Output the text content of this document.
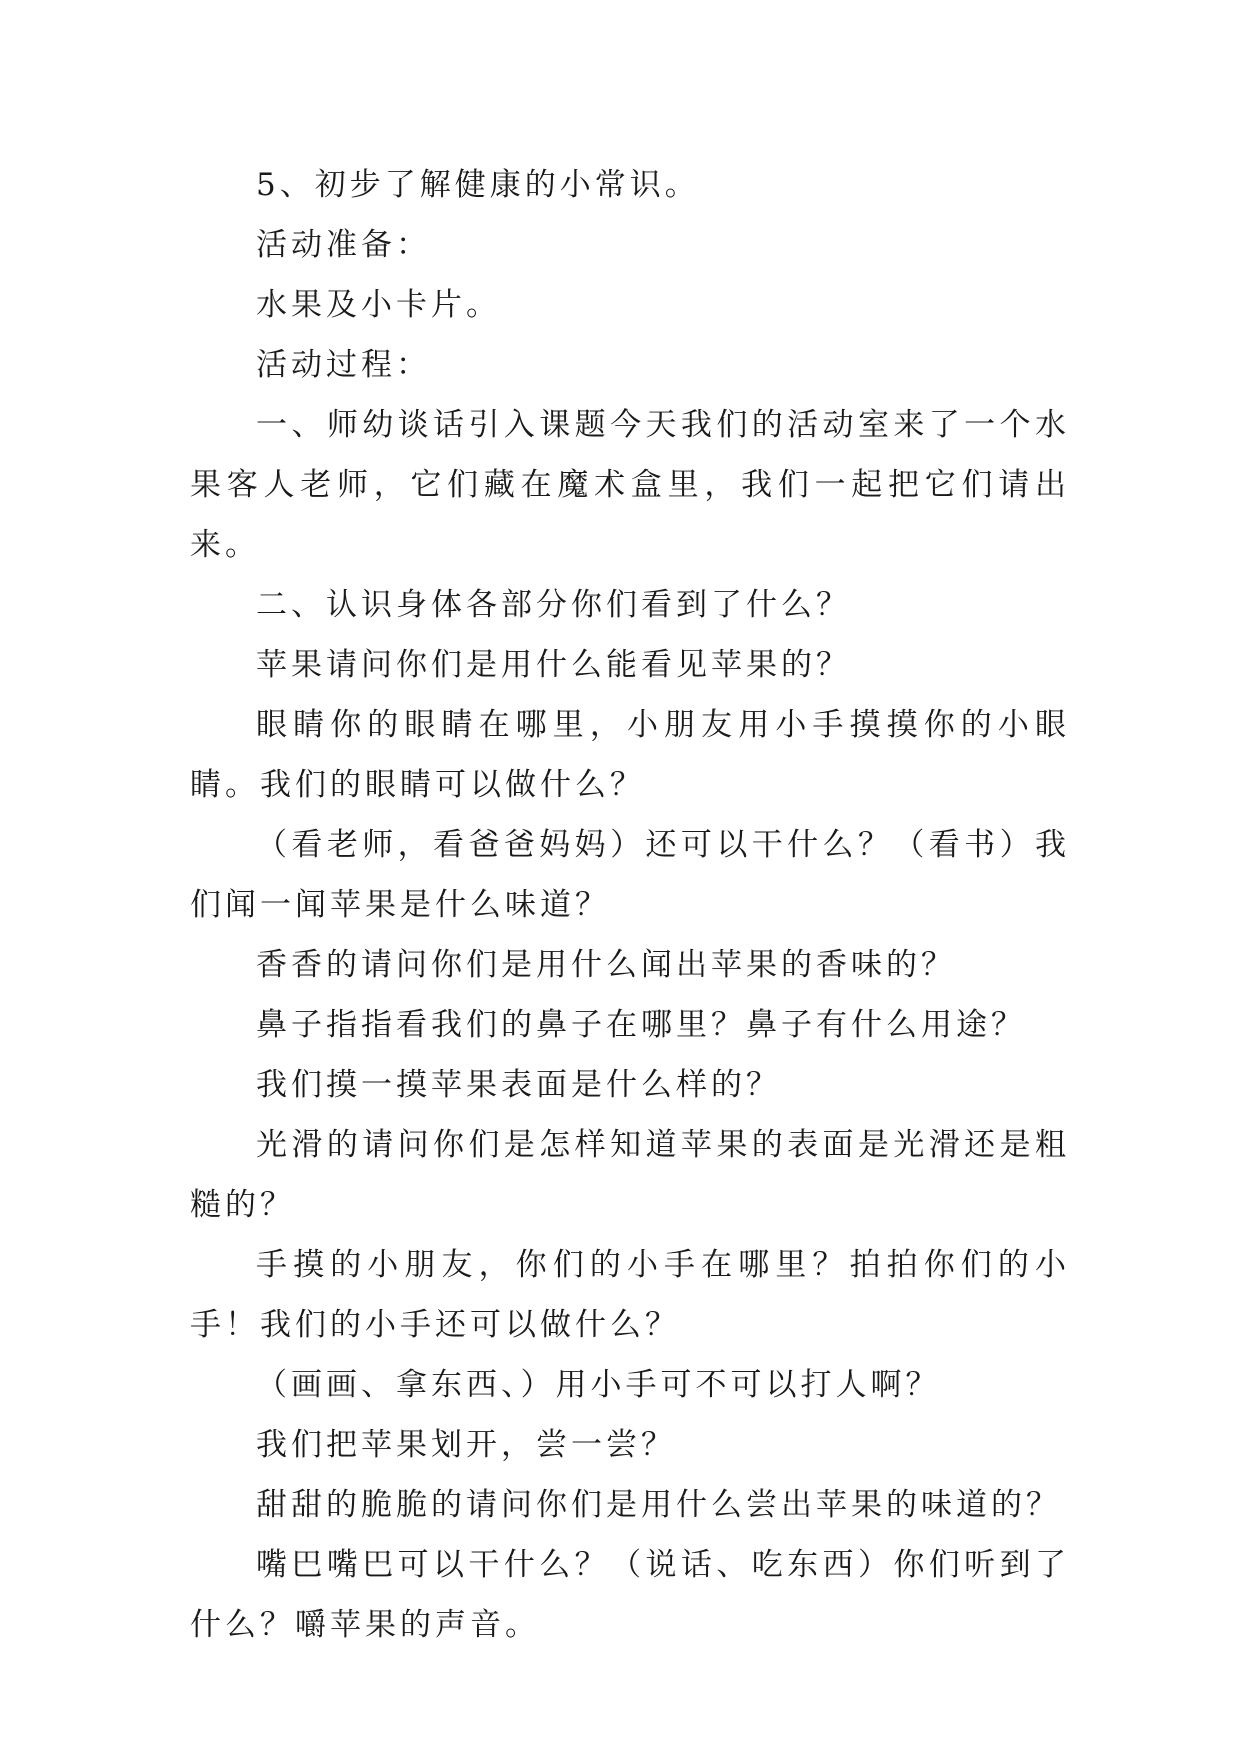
5、初步了解健康的小常识。

活动准备：

水果及小卡片。

活动过程：

一、师幼谈话引入课题今天我们的活动室来了一个水果客人老师，它们藏在魔术盒里，我们一起把它们请出来。

二、认识身体各部分你们看到了什么？

苹果请问你们是用什么能看见苹果的？

眼睛你的眼睛在哪里，小朋友用小手摸摸你的小眼睛。我们的眼睛可以做什么？

（看老师，看爸爸妈妈）还可以干什么？（看书）我们闻一闻苹果是什么味道？

香香的请问你们是用什么闻出苹果的香味的？

鼻子指指看我们的鼻子在哪里？鼻子有什么用途？

我们摸一摸苹果表面是什么样的？

光滑的请问你们是怎样知道苹果的表面是光滑还是粗糙的？

手摸的小朋友，你们的小手在哪里？拍拍你们的小手！我们的小手还可以做什么？

（画画、拿东西、）用小手可不可以打人啊？

我们把苹果划开，尝一尝？

甜甜的脆脆的请问你们是用什么尝出苹果的味道的？

嘴巴嘴巴可以干什么？（说话、吃东西）你们听到了什么？嚼苹果的声音。
